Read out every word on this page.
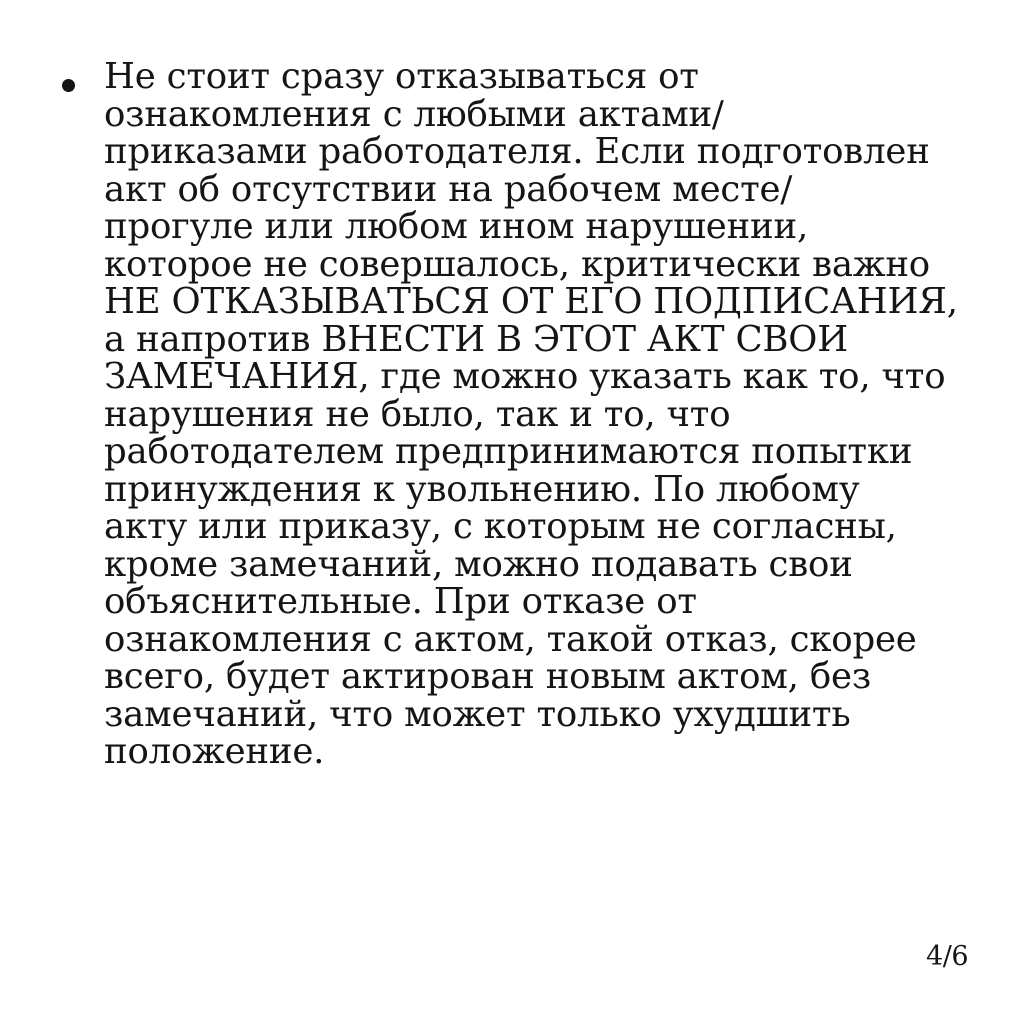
Не стоит сразу отказываться от
ознакомления с любыми актами/
приказами работодателя. Если подготовлен
акт об отсутствии на рабочем месте/
прогуле или любом ином нарушении,
которое не совершалось, критически важно
НЕ ОТКАЗЫВАТЬСЯ ОТ ЕГО ПОДПИСАНИЯ,
а напротив ВНЕСТИ В ЭТОТ АКТ СВОИ
ЗАМЕЧАНИЯ, где можно указать как то, что
нарушения не было, так и то, что
работодателем предпринимаются попытки
принуждения к увольнению. По любому
акту или приказу, с которым не согласны,
кроме замечаний, можно подавать свои
объяснительные. При отказе от
ознакомления с актом, такой отказ, скорее
всего, будет актирован новым актом, без
замечаний, что может только ухудшить
положение.

4/6
